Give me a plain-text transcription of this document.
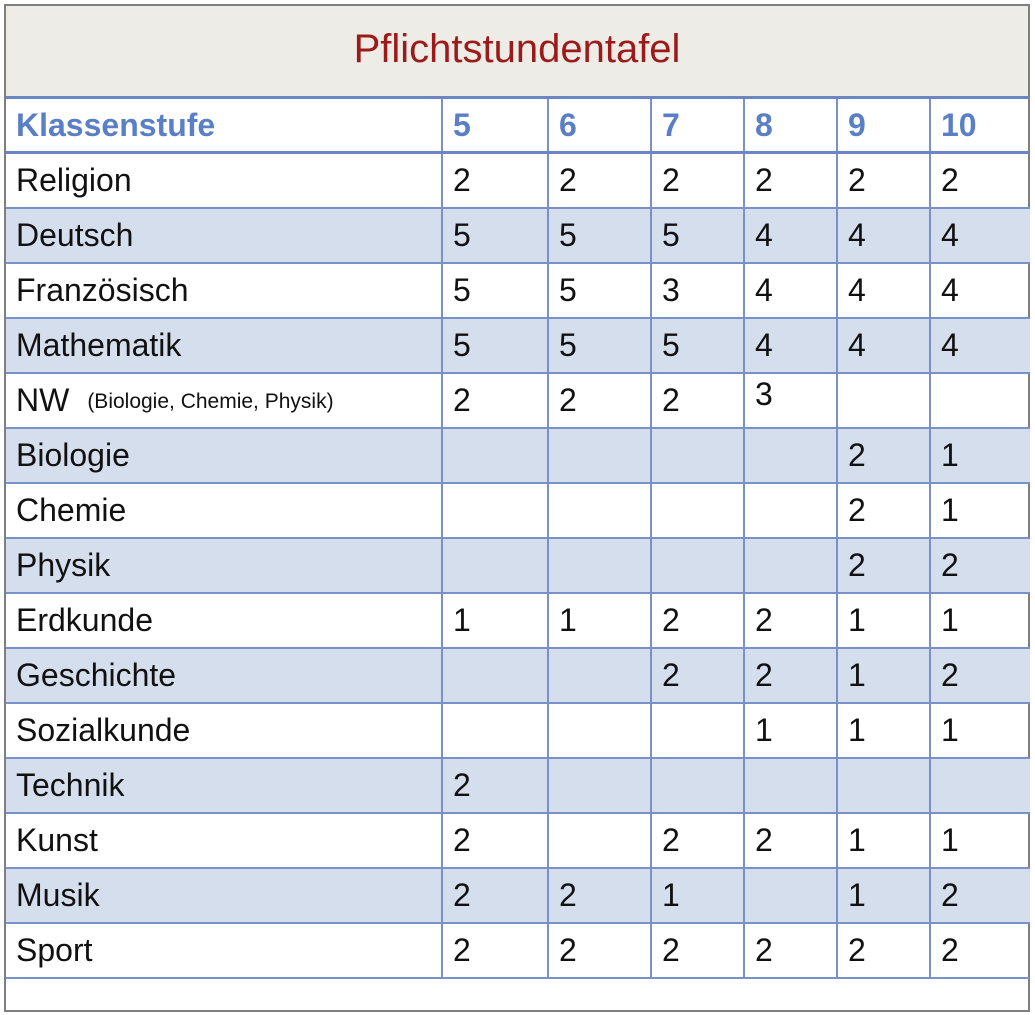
Pflichtstundentafel
Klassenstufe	5	6	7	8	9	10
Religion	2	2	2	2	2	2
Deutsch	5	5	5	4	4	4
Französisch	5	5	3	4	4	4
Mathematik	5	5	5	4	4	4
NW (Biologie, Chemie, Physik)	2	2	2	3		
Biologie					2	1
Chemie					2	1
Physik					2	2
Erdkunde	1	1	2	2	1	1
Geschichte			2	2	1	2
Sozialkunde				1	1	1
Technik	2					
Kunst	2		2	2	1	1
Musik	2	2	1		1	2
Sport	2	2	2	2	2	2
